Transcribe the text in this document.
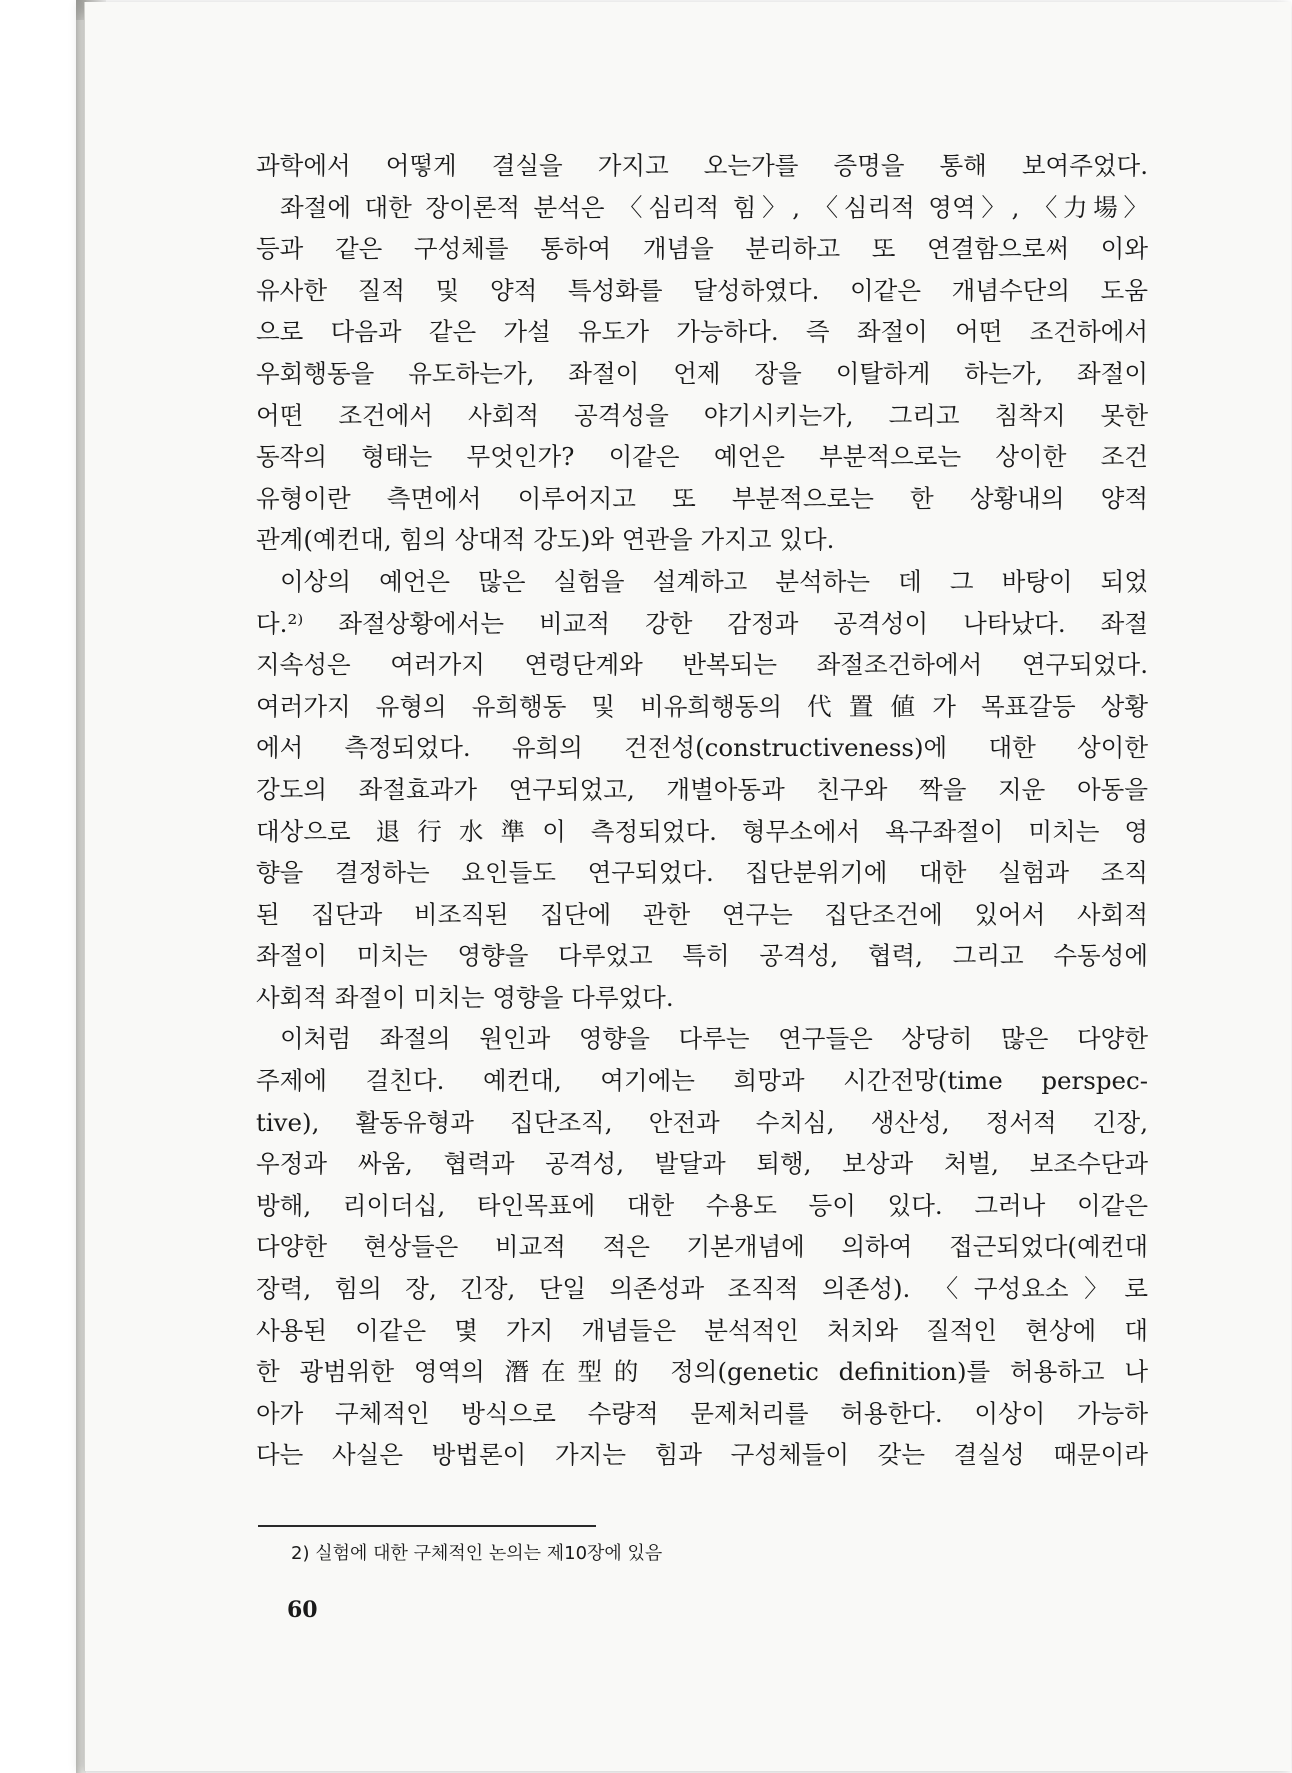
과학에서 어떻게 결실을 가지고 오는가를 증명을 통해 보여주었다.
좌절에 대한 장이론적 분석은 〈심리적 힘〉, 〈심리적 영역〉, 〈力場〉
등과 같은 구성체를 통하여 개념을 분리하고 또 연결함으로써 이와
유사한 질적 및 양적 특성화를 달성하였다. 이같은 개념수단의 도움
으로 다음과 같은 가설 유도가 가능하다. 즉 좌절이 어떤 조건하에서
우회행동을 유도하는가, 좌절이 언제 장을 이탈하게 하는가, 좌절이
어떤 조건에서 사회적 공격성을 야기시키는가, 그리고 침착지 못한
동작의 형태는 무엇인가? 이같은 예언은 부분적으로는 상이한 조건
유형이란 측면에서 이루어지고 또 부분적으로는 한 상황내의 양적
관계(예컨대, 힘의 상대적 강도)와 연관을 가지고 있다.
이상의 예언은 많은 실험을 설계하고 분석하는 데 그 바탕이 되었
다.²⁾ 좌절상황에서는 비교적 강한 감정과 공격성이 나타났다. 좌절
지속성은 여러가지 연령단계와 반복되는 좌절조건하에서 연구되었다.
여러가지 유형의 유희행동 및 비유희행동의 代置値가 목표갈등 상황
에서 측정되었다. 유희의 건전성(constructiveness)에 대한 상이한
강도의 좌절효과가 연구되었고, 개별아동과 친구와 짝을 지운 아동을
대상으로 退行水準이 측정되었다. 형무소에서 욕구좌절이 미치는 영
향을 결정하는 요인들도 연구되었다. 집단분위기에 대한 실험과 조직
된 집단과 비조직된 집단에 관한 연구는 집단조건에 있어서 사회적
좌절이 미치는 영향을 다루었고 특히 공격성, 협력, 그리고 수동성에
사회적 좌절이 미치는 영향을 다루었다.
이처럼 좌절의 원인과 영향을 다루는 연구들은 상당히 많은 다양한
주제에 걸친다. 예컨대, 여기에는 희망과 시간전망(time perspec-
tive), 활동유형과 집단조직, 안전과 수치심, 생산성, 정서적 긴장,
우정과 싸움, 협력과 공격성, 발달과 퇴행, 보상과 처벌, 보조수단과
방해, 리이더십, 타인목표에 대한 수용도 등이 있다. 그러나 이같은
다양한 현상들은 비교적 적은 기본개념에 의하여 접근되었다(예컨대
장력, 힘의 장, 긴장, 단일 의존성과 조직적 의존성). 〈구성요소〉로
사용된 이같은 몇 가지 개념들은 분석적인 처치와 질적인 현상에 대
한 광범위한 영역의 潛在型的 정의(genetic definition)를 허용하고 나
아가 구체적인 방식으로 수량적 문제처리를 허용한다. 이상이 가능하
다는 사실은 방법론이 가지는 힘과 구성체들이 갖는 결실성 때문이라
2) 실험에 대한 구체적인 논의는 제10장에 있음
60
